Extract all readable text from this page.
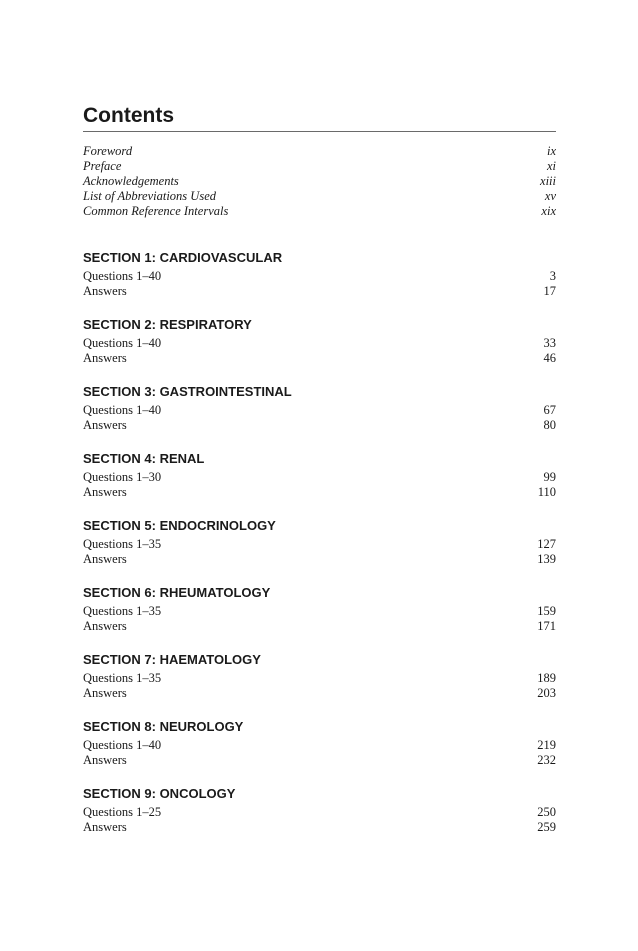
Contents
Foreword	ix
Preface	xi
Acknowledgements	xiii
List of Abbreviations Used	xv
Common Reference Intervals	xix
SECTION 1: CARDIOVASCULAR
Questions 1–40	3
Answers	17
SECTION 2: RESPIRATORY
Questions 1–40	33
Answers	46
SECTION 3: GASTROINTESTINAL
Questions 1–40	67
Answers	80
SECTION 4: RENAL
Questions 1–30	99
Answers	110
SECTION 5: ENDOCRINOLOGY
Questions 1–35	127
Answers	139
SECTION 6: RHEUMATOLOGY
Questions 1–35	159
Answers	171
SECTION 7: HAEMATOLOGY
Questions 1–35	189
Answers	203
SECTION 8: NEUROLOGY
Questions 1–40	219
Answers	232
SECTION 9: ONCOLOGY
Questions 1–25	250
Answers	259
